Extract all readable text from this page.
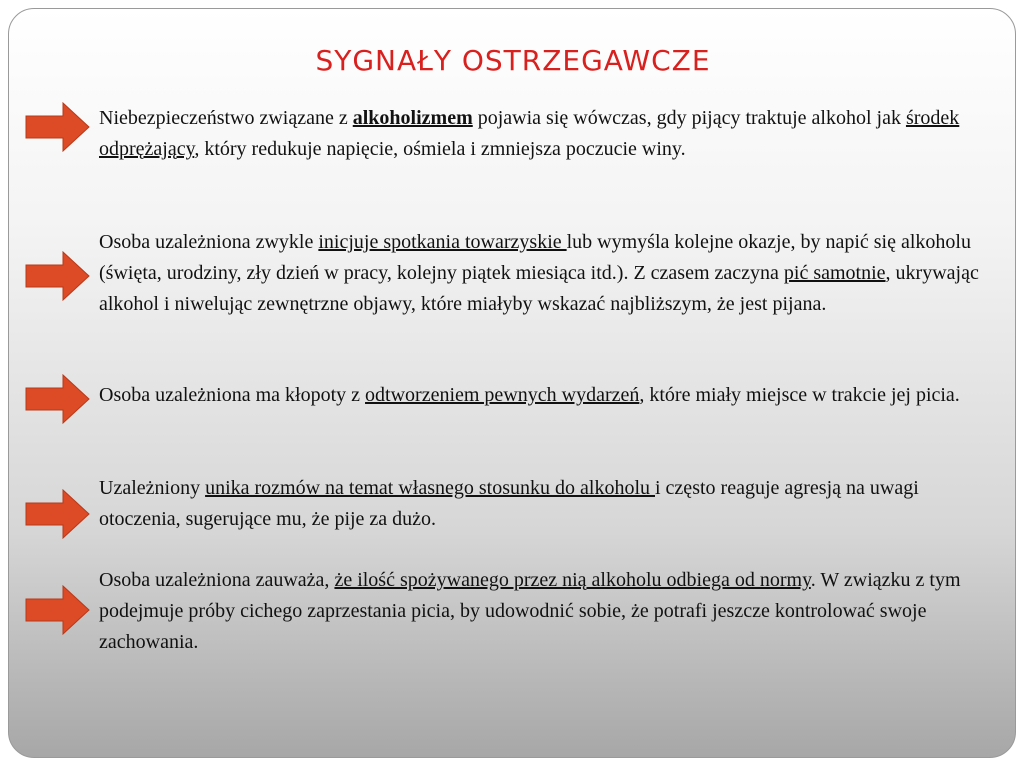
SYGNAŁY OSTRZEGAWCZE

Niebezpieczeństwo związane z alkoholizmem pojawia się wówczas, gdy pijący traktuje alkohol jak środek odprężający, który redukuje napięcie, ośmiela i zmniejsza poczucie winy.

Osoba uzależniona zwykle inicjuje spotkania towarzyskie lub wymyśla kolejne okazje, by napić się alkoholu (święta, urodziny, zły dzień w pracy, kolejny piątek miesiąca itd.). Z czasem zaczyna pić samotnie, ukrywając alkohol i niwelując zewnętrzne objawy, które miałyby wskazać najbliższym, że jest pijana.

Osoba uzależniona ma kłopoty z odtworzeniem pewnych wydarzeń, które miały miejsce w trakcie jej picia.

Uzależniony unika rozmów na temat własnego stosunku do alkoholu i często reaguje agresją na uwagi otoczenia, sugerujące mu, że pije za dużo.

Osoba uzależniona zauważa, że ilość spożywanego przez nią alkoholu odbiega od normy. W związku z tym podejmuje próby cichego zaprzestania picia, by udowodnić sobie, że potrafi jeszcze kontrolować swoje zachowania.
